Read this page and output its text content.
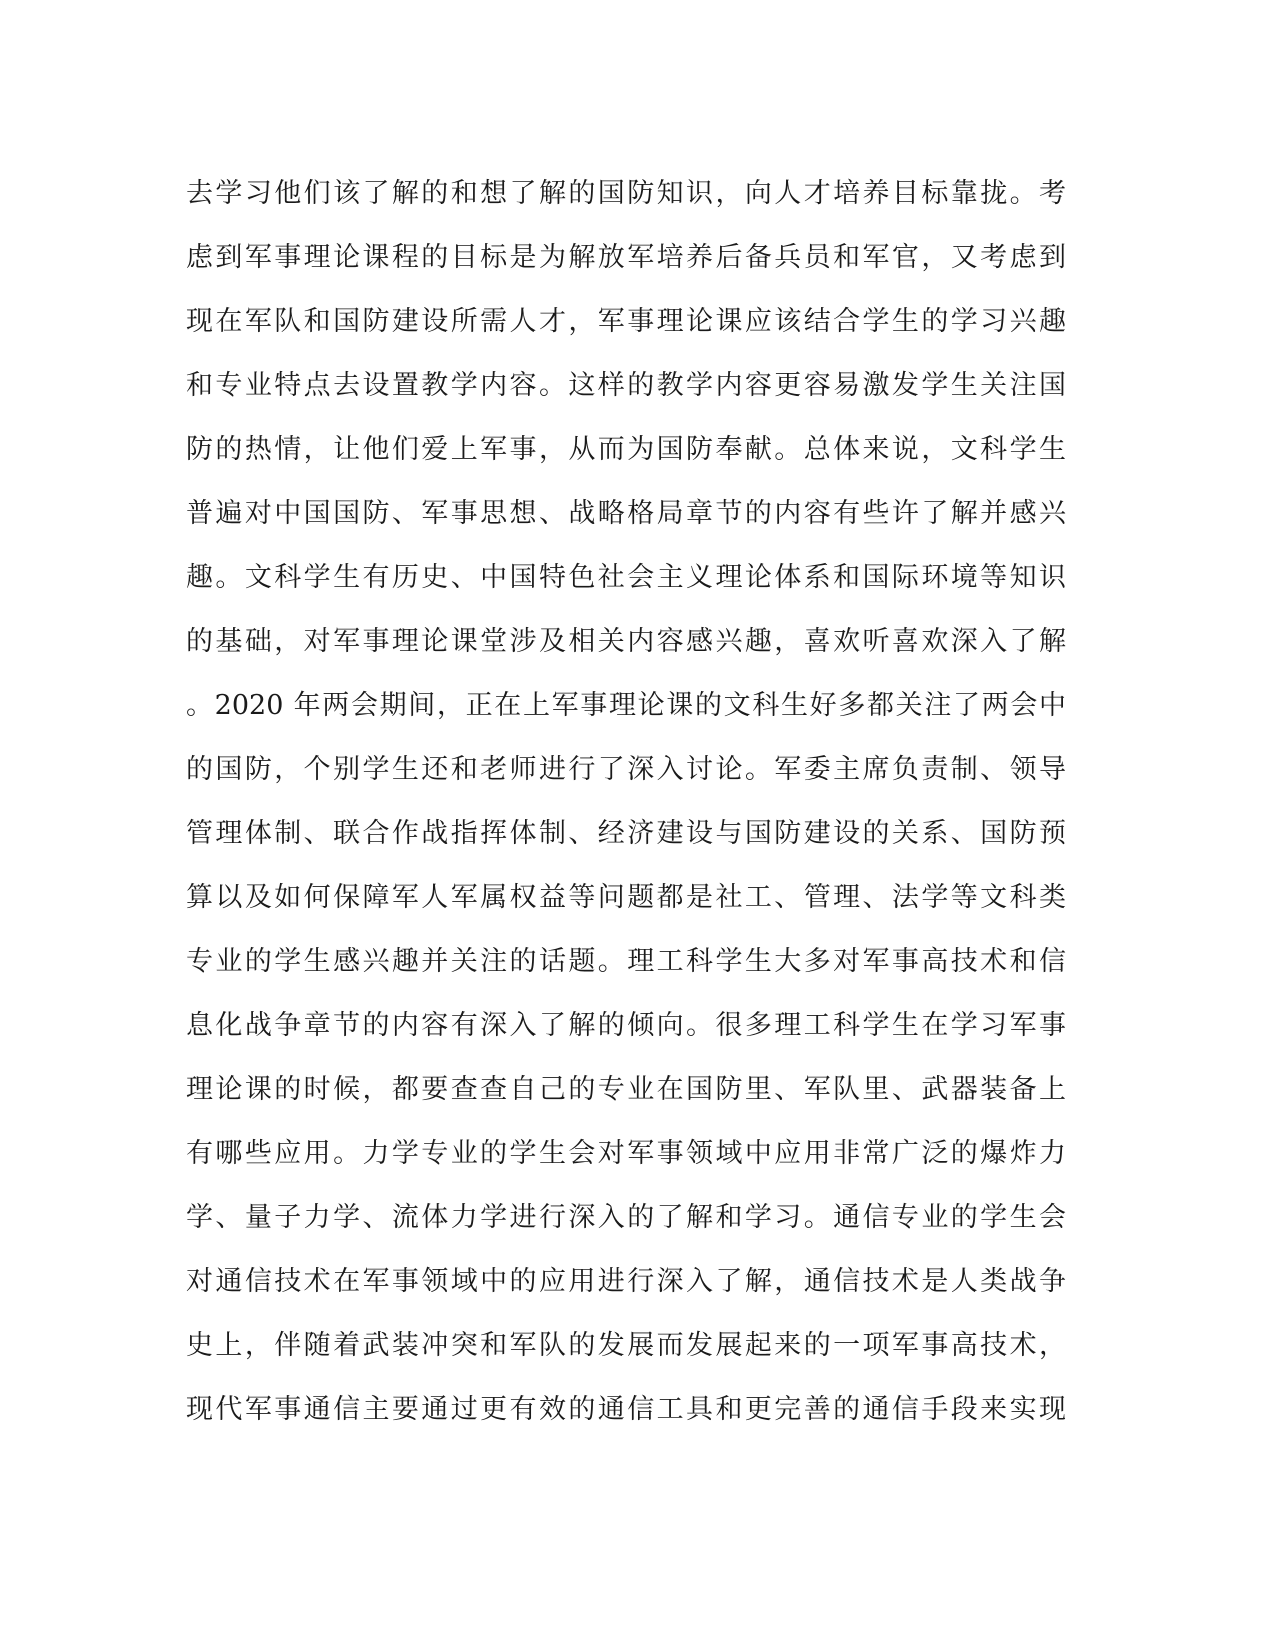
去学习他们该了解的和想了解的国防知识，向人才培养目标靠拢。考
虑到军事理论课程的目标是为解放军培养后备兵员和军官，又考虑到
现在军队和国防建设所需人才，军事理论课应该结合学生的学习兴趣
和专业特点去设置教学内容。这样的教学内容更容易激发学生关注国
防的热情，让他们爱上军事，从而为国防奉献。总体来说，文科学生
普遍对中国国防、军事思想、战略格局章节的内容有些许了解并感兴
趣。文科学生有历史、中国特色社会主义理论体系和国际环境等知识
的基础，对军事理论课堂涉及相关内容感兴趣，喜欢听喜欢深入了解
。2020 年两会期间，正在上军事理论课的文科生好多都关注了两会中
的国防，个别学生还和老师进行了深入讨论。军委主席负责制、领导
管理体制、联合作战指挥体制、经济建设与国防建设的关系、国防预
算以及如何保障军人军属权益等问题都是社工、管理、法学等文科类
专业的学生感兴趣并关注的话题。理工科学生大多对军事高技术和信
息化战争章节的内容有深入了解的倾向。很多理工科学生在学习军事
理论课的时候，都要查查自己的专业在国防里、军队里、武器装备上
有哪些应用。力学专业的学生会对军事领域中应用非常广泛的爆炸力
学、量子力学、流体力学进行深入的了解和学习。通信专业的学生会
对通信技术在军事领域中的应用进行深入了解，通信技术是人类战争
史上，伴随着武装冲突和军队的发展而发展起来的一项军事高技术，
现代军事通信主要通过更有效的通信工具和更完善的通信手段来实现
